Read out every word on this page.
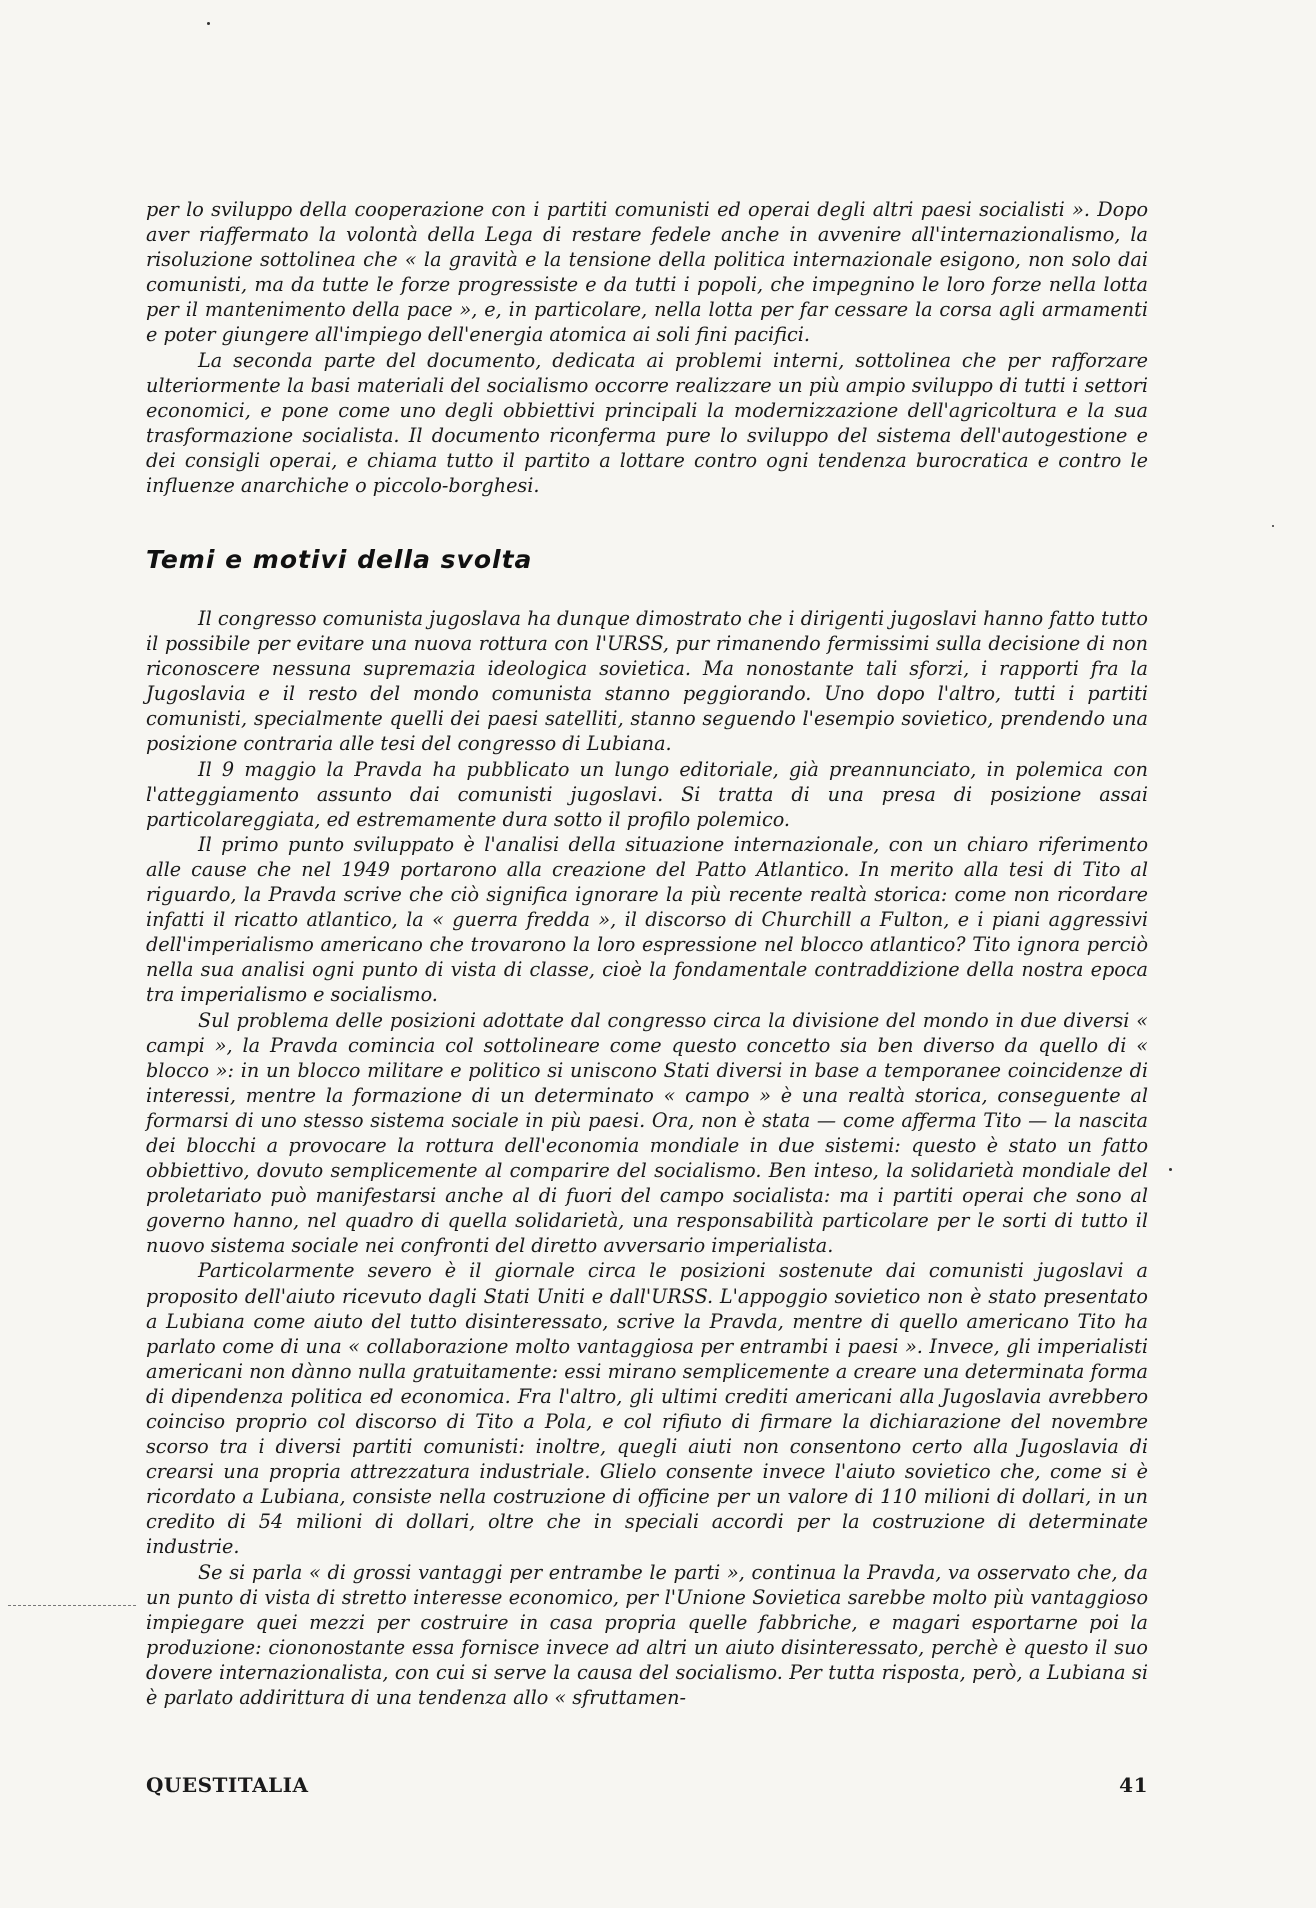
per lo sviluppo della cooperazione con i partiti comunisti ed operai degli altri paesi socialisti ». Dopo aver riaffermato la volontà della Lega di restare fedele anche in avvenire all'internazionalismo, la risoluzione sottolinea che « la gravità e la tensione della politica internazionale esigono, non solo dai comunisti, ma da tutte le forze progressiste e da tutti i popoli, che impegnino le loro forze nella lotta per il mantenimento della pace », e, in particolare, nella lotta per far cessare la corsa agli armamenti e poter giungere all'impiego dell'energia atomica ai soli fini pacifici.

La seconda parte del documento, dedicata ai problemi interni, sottolinea che per rafforzare ulteriormente la basi materiali del socialismo occorre realizzare un più ampio sviluppo di tutti i settori economici, e pone come uno degli obbiettivi principali la modernizzazione dell'agricoltura e la sua trasformazione socialista. Il documento riconferma pure lo sviluppo del sistema dell'autogestione e dei consigli operai, e chiama tutto il partito a lottare contro ogni tendenza burocratica e contro le influenze anarchiche o piccolo-borghesi.

Temi e motivi della svolta

Il congresso comunista jugoslava ha dunque dimostrato che i dirigenti jugoslavi hanno fatto tutto il possibile per evitare una nuova rottura con l'URSS, pur rimanendo fermissimi sulla decisione di non riconoscere nessuna supremazia ideologica sovietica. Ma nonostante tali sforzi, i rapporti fra la Jugoslavia e il resto del mondo comunista stanno peggiorando. Uno dopo l'altro, tutti i partiti comunisti, specialmente quelli dei paesi satelliti, stanno seguendo l'esempio sovietico, prendendo una posizione contraria alle tesi del congresso di Lubiana.

Il 9 maggio la Pravda ha pubblicato un lungo editoriale, già preannunciato, in polemica con l'atteggiamento assunto dai comunisti jugoslavi. Si tratta di una presa di posizione assai particolareggiata, ed estremamente dura sotto il profilo polemico.

Il primo punto sviluppato è l'analisi della situazione internazionale, con un chiaro riferimento alle cause che nel 1949 portarono alla creazione del Patto Atlantico. In merito alla tesi di Tito al riguardo, la Pravda scrive che ciò significa ignorare la più recente realtà storica: come non ricordare infatti il ricatto atlantico, la « guerra fredda », il discorso di Churchill a Fulton, e i piani aggressivi dell'imperialismo americano che trovarono la loro espressione nel blocco atlantico? Tito ignora perciò nella sua analisi ogni punto di vista di classe, cioè la fondamentale contraddizione della nostra epoca tra imperialismo e socialismo.

Sul problema delle posizioni adottate dal congresso circa la divisione del mondo in due diversi « campi », la Pravda comincia col sottolineare come questo concetto sia ben diverso da quello di « blocco »: in un blocco militare e politico si uniscono Stati diversi in base a temporanee coincidenze di interessi, mentre la formazione di un determinato « campo » è una realtà storica, conseguente al formarsi di uno stesso sistema sociale in più paesi. Ora, non è stata — come afferma Tito — la nascita dei blocchi a provocare la rottura dell'economia mondiale in due sistemi: questo è stato un fatto obbiettivo, dovuto semplicemente al comparire del socialismo. Ben inteso, la solidarietà mondiale del proletariato può manifestarsi anche al di fuori del campo socialista: ma i partiti operai che sono al governo hanno, nel quadro di quella solidarietà, una responsabilità particolare per le sorti di tutto il nuovo sistema sociale nei confronti del diretto avversario imperialista.

Particolarmente severo è il giornale circa le posizioni sostenute dai comunisti jugoslavi a proposito dell'aiuto ricevuto dagli Stati Uniti e dall'URSS. L'appoggio sovietico non è stato presentato a Lubiana come aiuto del tutto disinteressato, scrive la Pravda, mentre di quello americano Tito ha parlato come di una « collaborazione molto vantaggiosa per entrambi i paesi ». Invece, gli imperialisti americani non dànno nulla gratuitamente: essi mirano semplicemente a creare una determinata forma di dipendenza politica ed economica. Fra l'altro, gli ultimi crediti americani alla Jugoslavia avrebbero coinciso proprio col discorso di Tito a Pola, e col rifiuto di firmare la dichiarazione del novembre scorso tra i diversi partiti comunisti: inoltre, quegli aiuti non consentono certo alla Jugoslavia di crearsi una propria attrezzatura industriale. Glielo consente invece l'aiuto sovietico che, come si è ricordato a Lubiana, consiste nella costruzione di officine per un valore di 110 milioni di dollari, in un credito di 54 milioni di dollari, oltre che in speciali accordi per la costruzione di determinate industrie.

Se si parla « di grossi vantaggi per entrambe le parti », continua la Pravda, va osservato che, da un punto di vista di stretto interesse economico, per l'Unione Sovietica sarebbe molto più vantaggioso impiegare quei mezzi per costruire in casa propria quelle fabbriche, e magari esportarne poi la produzione: ciononostante essa fornisce invece ad altri un aiuto disinteressato, perchè è questo il suo dovere internazionalista, con cui si serve la causa del socialismo. Per tutta risposta, però, a Lubiana si è parlato addirittura di una tendenza allo « sfruttamen-

QUESTITALIA	41
